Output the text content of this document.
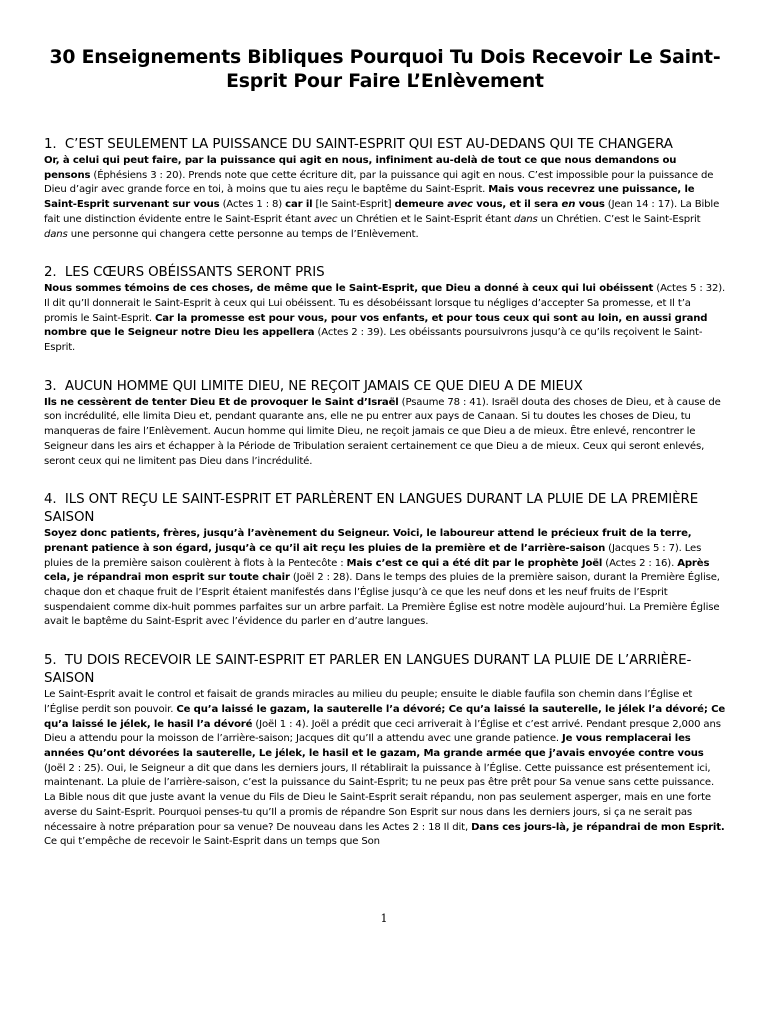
30 Enseignements Bibliques Pourquoi Tu Dois Recevoir Le Saint-Esprit Pour Faire L’Enlèvement
1. C’EST SEULEMENT LA PUISSANCE DU SAINT-ESPRIT QUI EST AU-DEDANS QUI TE CHANGERA

Or, à celui qui peut faire, par la puissance qui agit en nous, infiniment au-delà de tout ce que nous demandons ou pensons (Éphésiens 3 : 20). Prends note que cette écriture dit, par la puissance qui agit en nous. C’est impossible pour la puissance de Dieu d’agir avec grande force en toi, à moins que tu aies reçu le baptême du Saint-Esprit. Mais vous recevrez une puissance, le Saint-Esprit survenant sur vous (Actes 1 : 8) car il [le Saint-Esprit] demeure avec vous, et il sera en vous (Jean 14 : 17). La Bible fait une distinction évidente entre le Saint-Esprit étant avec un Chrétien et le Saint-Esprit étant dans un Chrétien. C’est le Saint-Esprit dans une personne qui changera cette personne au temps de l’Enlèvement.

2. LES CŒURS OBÉISSANTS SERONT PRIS

Nous sommes témoins de ces choses, de même que le Saint-Esprit, que Dieu a donné à ceux qui lui obéissent (Actes 5 : 32). Il dit qu’Il donnerait le Saint-Esprit à ceux qui Lui obéissent. Tu es désobéissant lorsque tu négliges d’accepter Sa promesse, et Il t’a promis le Saint-Esprit. Car la promesse est pour vous, pour vos enfants, et pour tous ceux qui sont au loin, en aussi grand nombre que le Seigneur notre Dieu les appellera (Actes 2 : 39). Les obéissants poursuivrons jusqu’à ce qu’ils reçoivent le Saint-Esprit.

3. AUCUN HOMME QUI LIMITE DIEU, NE REÇOIT JAMAIS CE QUE DIEU A DE MIEUX

Ils ne cessèrent de tenter Dieu Et de provoquer le Saint d’Israël (Psaume 78 : 41). Israël douta des choses de Dieu, et à cause de son incrédulité, elle limita Dieu et, pendant quarante ans, elle ne pu entrer aux pays de Canaan. Si tu doutes les choses de Dieu, tu manqueras de faire l’Enlèvement. Aucun homme qui limite Dieu, ne reçoit jamais ce que Dieu a de mieux. Être enlevé, rencontrer le Seigneur dans les airs et échapper à la Période de Tribulation seraient certainement ce que Dieu a de mieux. Ceux qui seront enlevés, seront ceux qui ne limitent pas Dieu dans l’incrédulité.

4. ILS ONT REÇU LE SAINT-ESPRIT ET PARLÈRENT EN LANGUES DURANT LA PLUIE DE LA PREMIÈRE SAISON

Soyez donc patients, frères, jusqu’à l’avènement du Seigneur. Voici, le laboureur attend le précieux fruit de la terre, prenant patience à son égard, jusqu’à ce qu’il ait reçu les pluies de la première et de l’arrière-saison (Jacques 5 : 7). Les pluies de la première saison coulèrent à flots à la Pentecôte : Mais c’est ce qui a été dit par le prophète Joël (Actes 2 : 16). Après cela, je répandrai mon esprit sur toute chair (Joël 2 : 28). Dans le temps des pluies de la première saison, durant la Première Église, chaque don et chaque fruit de l’Esprit étaient manifestés dans l’Église jusqu’à ce que les neuf dons et les neuf fruits de l’Esprit suspendaient comme dix-huit pommes parfaites sur un arbre parfait. La Première Église est notre modèle aujourd’hui. La Première Église avait le baptême du Saint-Esprit avec l’évidence du parler en d’autre langues.

5. TU DOIS RECEVOIR LE SAINT-ESPRIT ET PARLER EN LANGUES DURANT LA PLUIE DE L’ARRIÈRE-SAISON

Le Saint-Esprit avait le control et faisait de grands miracles au milieu du peuple; ensuite le diable faufila son chemin dans l’Église et l’Église perdit son pouvoir. Ce qu’a laissé le gazam, la sauterelle l’a dévoré; Ce qu’a laissé la sauterelle, le jélek l’a dévoré; Ce qu’a laissé le jélek, le hasil l’a dévoré (Joël 1 : 4). Joël a prédit que ceci arriverait à l’Église et c’est arrivé. Pendant presque 2,000 ans Dieu a attendu pour la moisson de l’arrière-saison; Jacques dit qu’Il a attendu avec une grande patience. Je vous remplacerai les années Qu’ont dévorées la sauterelle, Le jélek, le hasil et le gazam, Ma grande armée que j’avais envoyée contre vous (Joël 2 : 25). Oui, le Seigneur a dit que dans les derniers jours, Il rétablirait la puissance à l’Église. Cette puissance est présentement ici, maintenant. La pluie de l’arrière-saison, c’est la puissance du Saint-Esprit; tu ne peux pas être prêt pour Sa venue sans cette puissance. La Bible nous dit que juste avant la venue du Fils de Dieu le Saint-Esprit serait répandu, non pas seulement asperger, mais en une forte averse du Saint-Esprit. Pourquoi penses-tu qu’Il a promis de répandre Son Esprit sur nous dans les derniers jours, si ça ne serait pas nécessaire à notre préparation pour sa venue? De nouveau dans les Actes 2 : 18 Il dit, Dans ces jours-là, je répandrai de mon Esprit. Ce qui t’empêche de recevoir le Saint-Esprit dans un temps que Son

1
